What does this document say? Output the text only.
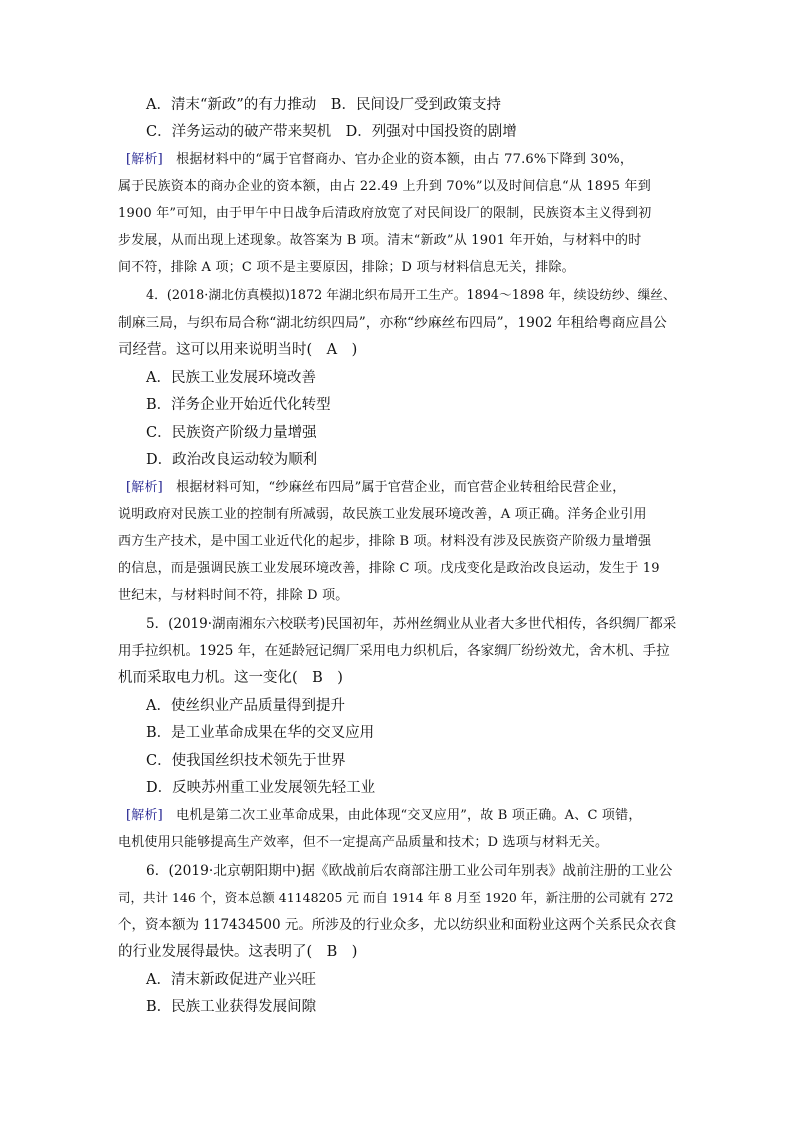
A．清末“新政”的有力推动　B．民间设厂受到政策支持
C．洋务运动的破产带来契机　D．列强对中国投资的剧增
[解析]　根据材料中的“属于官督商办、官办企业的资本额，由占 77.6%下降到 30%，
属于民族资本的商办企业的资本额，由占 22.49 上升到 70%”以及时间信息“从 1895 年到
1900 年”可知，由于甲午中日战争后清政府放宽了对民间设厂的限制，民族资本主义得到初
步发展，从而出现上述现象。故答案为 B 项。清末“新政”从 1901 年开始，与材料中的时
间不符，排除 A 项；C 项不是主要原因，排除；D 项与材料信息无关，排除。
4．(2018·湖北仿真模拟)1872 年湖北织布局开工生产。1894～1898 年，续设纺纱、缫丝、
制麻三局，与织布局合称“湖北纺织四局”，亦称“纱麻丝布四局”，1902 年租给粤商应昌公
司经营。这可以用来说明当时(　A　)
A．民族工业发展环境改善
B．洋务企业开始近代化转型
C．民族资产阶级力量增强
D．政治改良运动较为顺利
[解析]　根据材料可知，“纱麻丝布四局”属于官营企业，而官营企业转租给民营企业，
说明政府对民族工业的控制有所减弱，故民族工业发展环境改善，A 项正确。洋务企业引用
西方生产技术，是中国工业近代化的起步，排除 B 项。材料没有涉及民族资产阶级力量增强
的信息，而是强调民族工业发展环境改善，排除 C 项。戊戌变化是政治改良运动，发生于 19
世纪末，与材料时间不符，排除 D 项。
5．(2019·湖南湘东六校联考)民国初年，苏州丝绸业从业者大多世代相传，各织绸厂都采
用手拉织机。1925 年，在延龄冠记绸厂采用电力织机后，各家绸厂纷纷效尤，舍木机、手拉
机而采取电力机。这一变化(　B　)
A．使丝织业产品质量得到提升
B．是工业革命成果在华的交叉应用
C．使我国丝织技术领先于世界
D．反映苏州重工业发展领先轻工业
[解析]　电机是第二次工业革命成果，由此体现“交叉应用”，故 B 项正确。A、C 项错，
电机使用只能够提高生产效率，但不一定提高产品质量和技术；D 选项与材料无关。
6．(2019·北京朝阳期中)据《欧战前后农商部注册工业公司年别表》战前注册的工业公
司，共计 146 个，资本总额 41148205 元 而自 1914 年 8 月至 1920 年，新注册的公司就有 272
个，资本额为 117434500 元。所涉及的行业众多，尤以纺织业和面粉业这两个关系民众衣食
的行业发展得最快。这表明了(　B　)
A．清末新政促进产业兴旺
B．民族工业获得发展间隙
